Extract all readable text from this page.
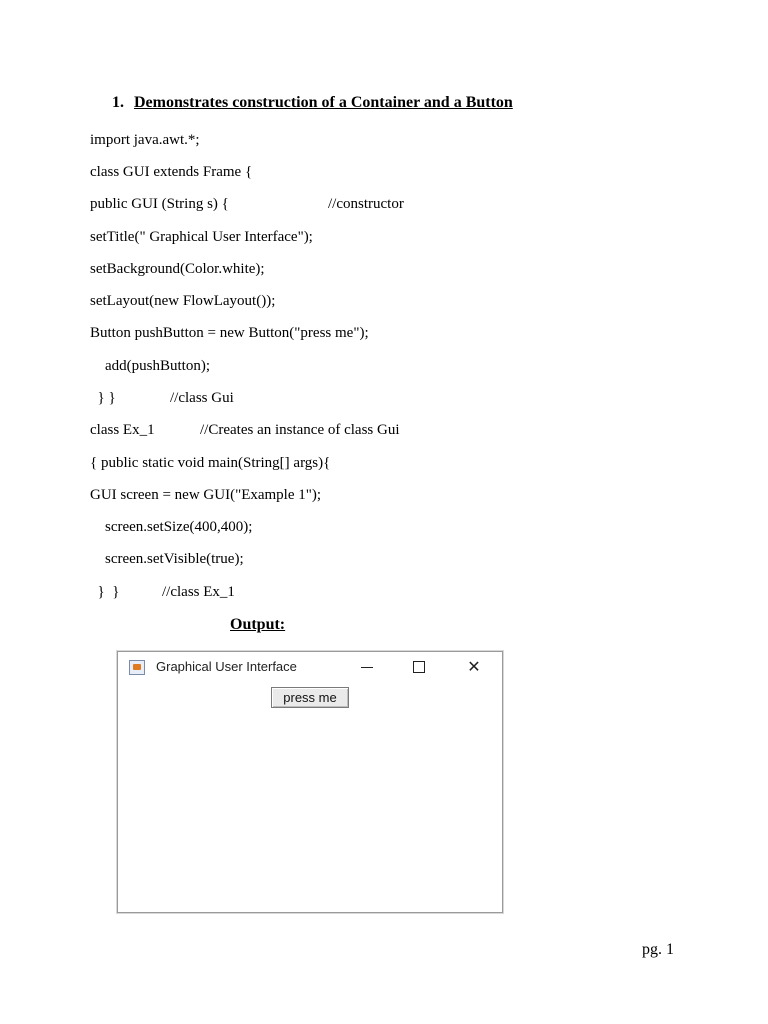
1. Demonstrates construction of a Container and a Button
import java.awt.*;
class GUI extends Frame {
public GUI (String s) {	//constructor
setTitle(" Graphical User Interface");
setBackground(Color.white);
setLayout(new FlowLayout());
Button pushButton = new Button("press me");
add(pushButton);
} }	//class Gui
class Ex_1	//Creates an instance of class Gui
{ public static void main(String[] args){
GUI screen = new GUI("Example 1");
screen.setSize(400,400);
screen.setVisible(true);
}  }	//class Ex_1
Output:
Graphical User Interface	✕
press me
pg. 1
